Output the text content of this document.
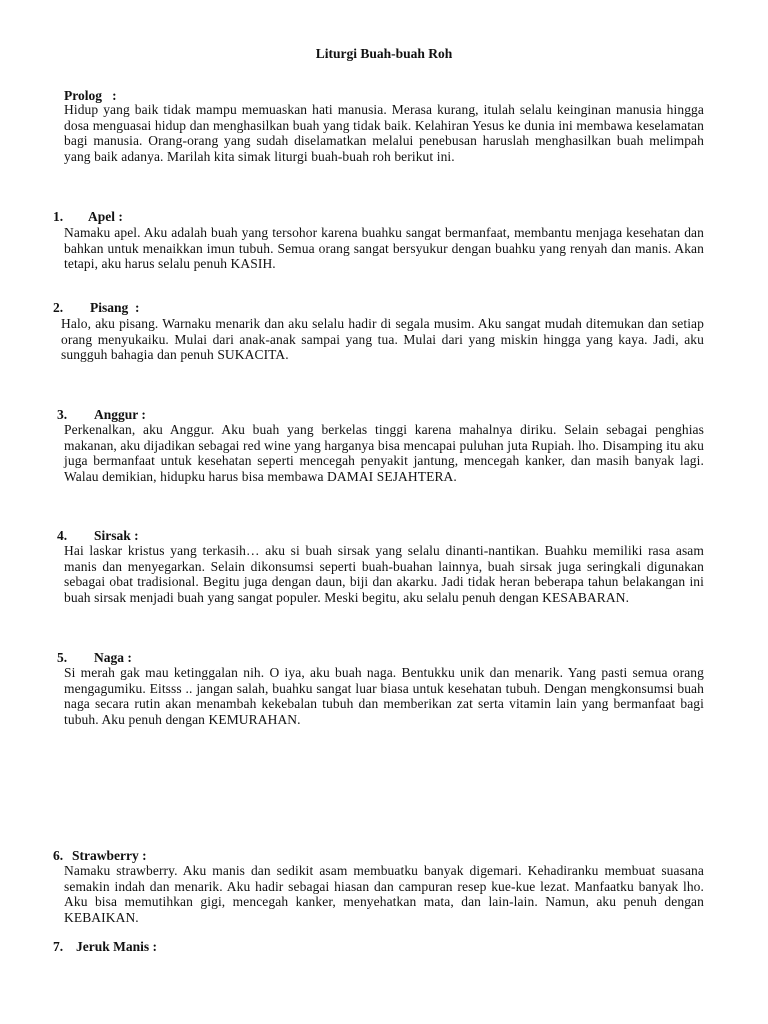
Liturgi Buah-buah Roh
Prolog   :
Hidup yang baik tidak mampu memuaskan hati manusia. Merasa kurang, itulah selalu keinginan manusia hingga dosa menguasai hidup dan menghasilkan buah yang tidak baik. Kelahiran Yesus ke dunia ini membawa keselamatan bagi manusia. Orang-orang yang sudah diselamatkan melalui penebusan haruslah menghasilkan buah melimpah yang baik adanya. Marilah kita simak liturgi buah-buah roh berikut ini.
1. Apel :
Namaku apel. Aku adalah buah yang tersohor karena buahku sangat bermanfaat, membantu menjaga kesehatan dan bahkan untuk menaikkan imun tubuh. Semua orang sangat bersyukur dengan buahku yang renyah dan manis. Akan tetapi, aku harus selalu penuh KASIH.
2. Pisang  :
Halo, aku pisang. Warnaku menarik dan aku selalu hadir di segala musim. Aku sangat mudah ditemukan dan setiap orang menyukaiku. Mulai dari anak-anak sampai yang tua. Mulai dari yang miskin hingga yang kaya. Jadi, aku sungguh bahagia dan penuh SUKACITA.
3. Anggur :
Perkenalkan, aku Anggur. Aku buah yang berkelas tinggi karena mahalnya diriku. Selain sebagai penghias makanan, aku dijadikan sebagai red wine yang harganya bisa mencapai puluhan juta Rupiah. lho. Disamping itu aku juga bermanfaat untuk kesehatan seperti mencegah penyakit jantung, mencegah kanker, dan masih banyak lagi. Walau demikian, hidupku harus bisa membawa DAMAI SEJAHTERA.
4. Sirsak :
Hai laskar kristus yang terkasih… aku si buah sirsak yang selalu dinanti-nantikan. Buahku memiliki rasa asam manis dan menyegarkan. Selain dikonsumsi seperti buah-buahan lainnya, buah sirsak juga seringkali digunakan sebagai obat tradisional. Begitu juga dengan daun, biji dan akarku. Jadi tidak heran beberapa tahun belakangan ini buah sirsak menjadi buah yang sangat populer. Meski begitu, aku selalu penuh dengan KESABARAN.
5. Naga :
Si merah gak mau ketinggalan nih. O iya, aku buah naga. Bentukku unik dan menarik. Yang pasti semua orang mengagumiku. Eitsss .. jangan salah, buahku sangat luar biasa untuk kesehatan tubuh. Dengan mengkonsumsi buah naga secara rutin akan menambah kekebalan tubuh dan memberikan zat serta vitamin lain yang bermanfaat bagi tubuh. Aku penuh dengan KEMURAHAN.
6. Strawberry :
Namaku strawberry. Aku manis dan sedikit asam membuatku banyak digemari. Kehadiranku membuat suasana semakin indah dan menarik. Aku hadir sebagai hiasan dan campuran resep kue-kue lezat. Manfaatku banyak lho. Aku bisa memutihkan gigi, mencegah kanker, menyehatkan mata, dan lain-lain. Namun, aku penuh dengan KEBAIKAN.
7. Jeruk Manis :
